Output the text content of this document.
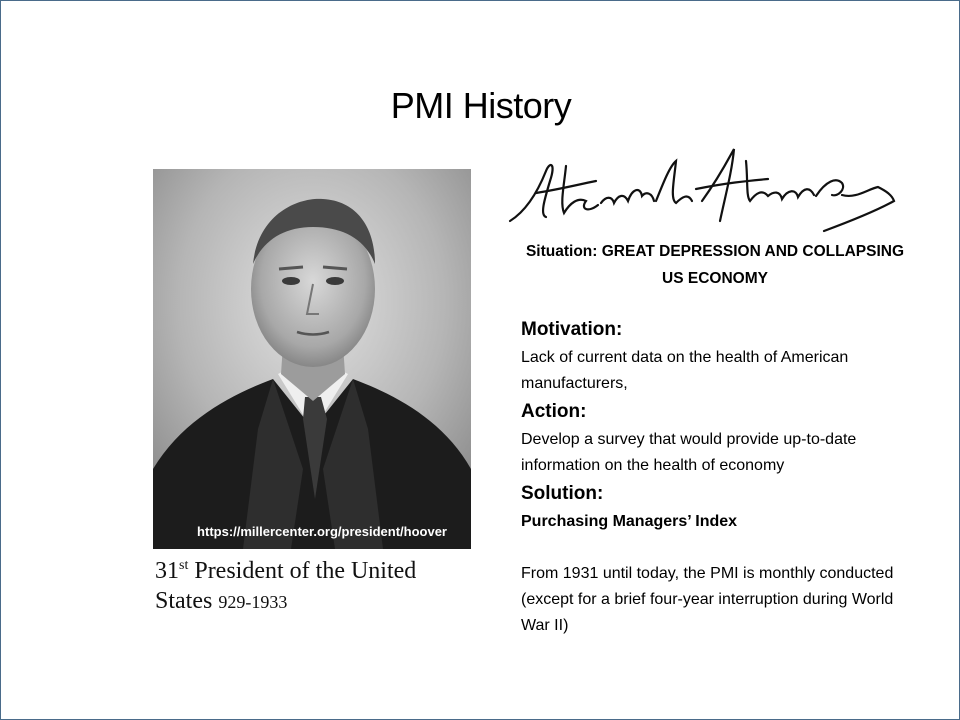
PMI History
https://millercenter.org/president/hoover
31st President of the United States 929-1933
Situation: GREAT DEPRESSION AND COLLAPSING US ECONOMY
Motivation:
Lack of current data on the health of American manufacturers,
Action:
Develop a survey that would provide up-to-date information on the health of economy
Solution:
Purchasing Managers’ Index
From 1931 until today, the PMI is monthly conducted (except for a brief four-year interruption during World War II)
